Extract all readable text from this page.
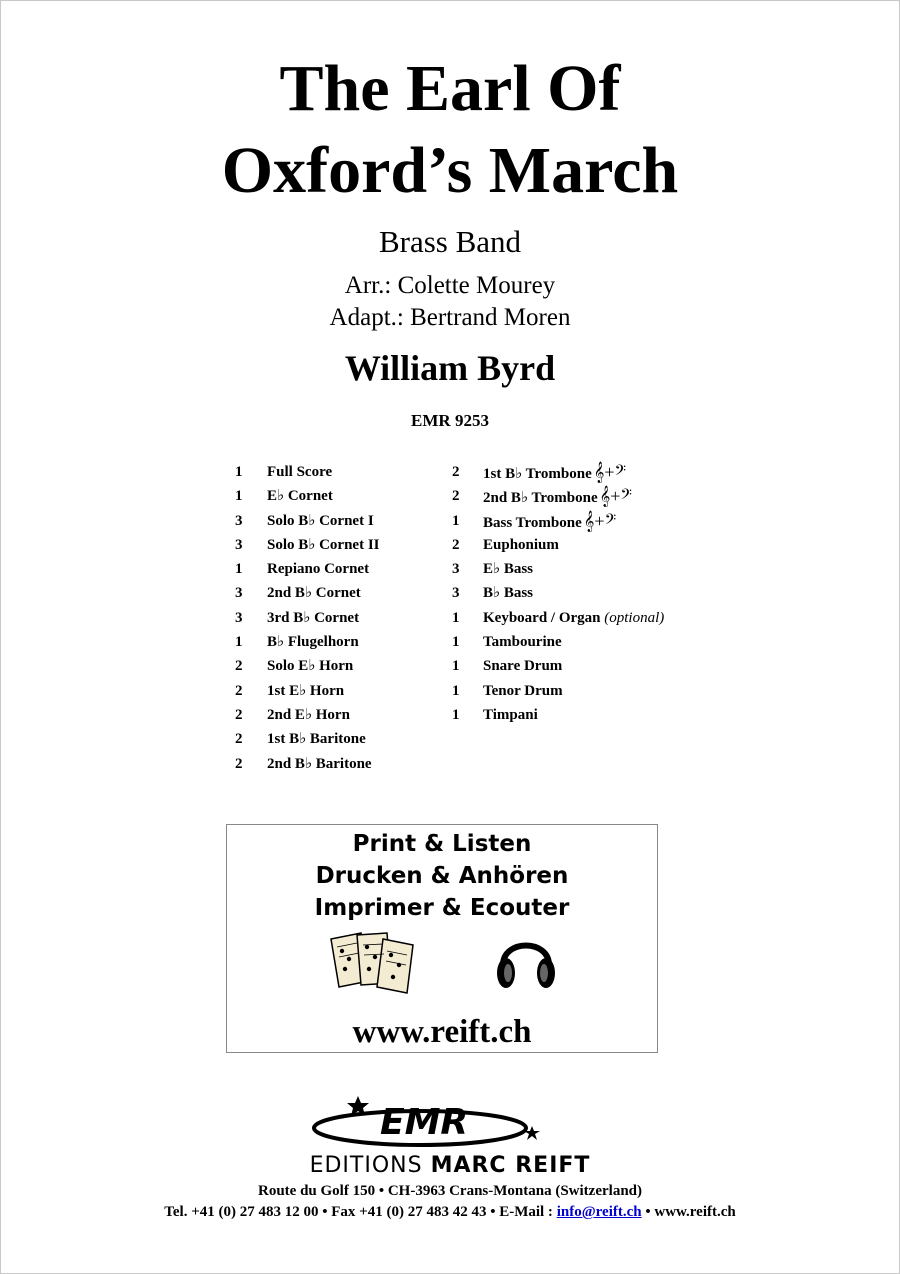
The Earl Of
Oxford’s March
Brass Band
Arr.: Colette Mourey
Adapt.: Bertrand Moren
William Byrd
EMR 9253
1 Full Score
1 E♭ Cornet
3 Solo B♭ Cornet I
3 Solo B♭ Cornet II
1 Repiano Cornet
3 2nd B♭ Cornet
3 3rd B♭ Cornet
1 B♭ Flugelhorn
2 Solo E♭ Horn
2 1st E♭ Horn
2 2nd E♭ Horn
2 1st B♭ Baritone
2 2nd B♭ Baritone
2 1st B♭ Trombone 𝄞+𝄢
2 2nd B♭ Trombone 𝄞+𝄢
1 Bass Trombone 𝄞+𝄢
2 Euphonium
3 E♭ Bass
3 B♭ Bass
1 Keyboard / Organ (optional)
1 Tambourine
1 Snare Drum
1 Tenor Drum
1 Timpani
Print & Listen
Drucken & Anhören
Imprimer & Ecouter
www.reift.ch
EMR
EDITIONS MARC REIFT
Route du Golf 150 • CH-3963 Crans-Montana (Switzerland)
Tel. +41 (0) 27 483 12 00 • Fax +41 (0) 27 483 42 43 • E-Mail : info@reift.ch • www.reift.ch
